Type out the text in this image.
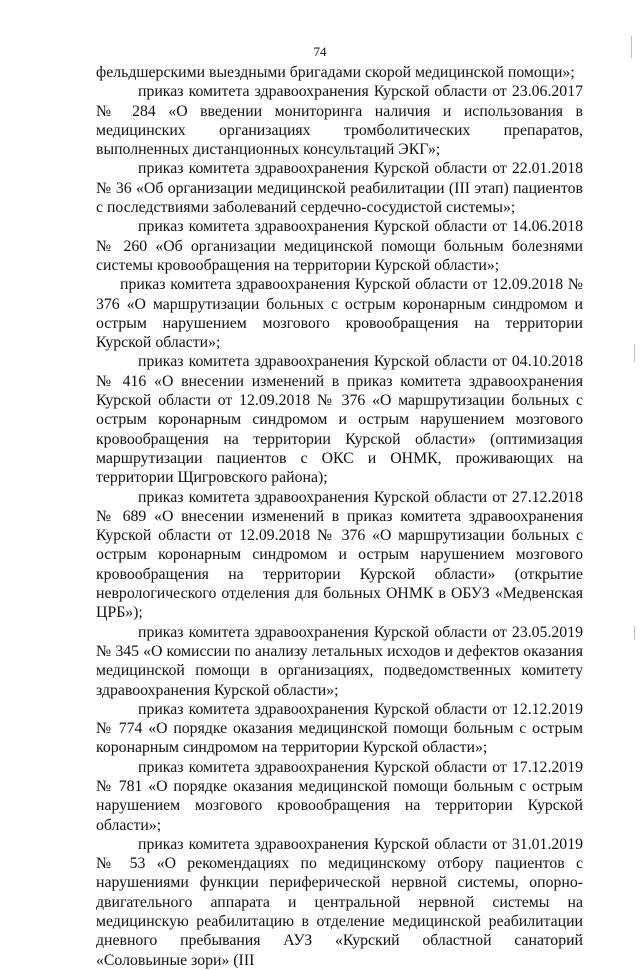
74

фельдшерскими выездными бригадами скорой медицинской помощи»;

приказ комитета здравоохранения Курской области от 23.06.2017 № 284 «О введении мониторинга наличия и использования в медицинских организациях тромболитических препаратов, выполненных дистанционных консультаций ЭКГ»;

приказ комитета здравоохранения Курской области от 22.01.2018 № 36 «Об организации медицинской реабилитации (III этап) пациентов с последствиями заболеваний сердечно-сосудистой системы»;

приказ комитета здравоохранения Курской области от 14.06.2018 № 260 «Об организации медицинской помощи больным болезнями системы кровообращения на территории Курской области»;

приказ комитета здравоохранения Курской области от 12.09.2018 № 376 «О маршрутизации больных с острым коронарным синдромом и острым нарушением мозгового кровообращения на территории Курской области»;

приказ комитета здравоохранения Курской области от 04.10.2018 № 416 «О внесении изменений в приказ комитета здравоохранения Курской области от 12.09.2018 № 376 «О маршрутизации больных с острым коронарным синдромом и острым нарушением мозгового кровообращения на территории Курской области» (оптимизация маршрутизации пациентов с ОКС и ОНМК, проживающих на территории Щигровского района);

приказ комитета здравоохранения Курской области от 27.12.2018 № 689 «О внесении изменений в приказ комитета здравоохранения Курской области от 12.09.2018 № 376 «О маршрутизации больных с острым коронарным синдромом и острым нарушением мозгового кровообращения на территории Курской области» (открытие неврологического отделения для больных ОНМК в ОБУЗ «Медвенская ЦРБ»);

приказ комитета здравоохранения Курской области от 23.05.2019 № 345 «О комиссии по анализу летальных исходов и дефектов оказания медицинской помощи в организациях, подведомственных комитету здравоохранения Курской области»;

приказ комитета здравоохранения Курской области от 12.12.2019 № 774 «О порядке оказания медицинской помощи больным с острым коронарным синдромом на территории Курской области»;

приказ комитета здравоохранения Курской области от 17.12.2019 № 781 «О порядке оказания медицинской помощи больным с острым нарушением мозгового кровообращения на территории Курской области»;

приказ комитета здравоохранения Курской области от 31.01.2019 № 53 «О рекомендациях по медицинскому отбору пациентов с нарушениями функции периферической нервной системы, опорно-двигательного аппарата и центральной нервной системы на медицинскую реабилитацию в отделение медицинской реабилитации дневного пребывания АУЗ «Курский областной санаторий «Соловьиные зори» (III
